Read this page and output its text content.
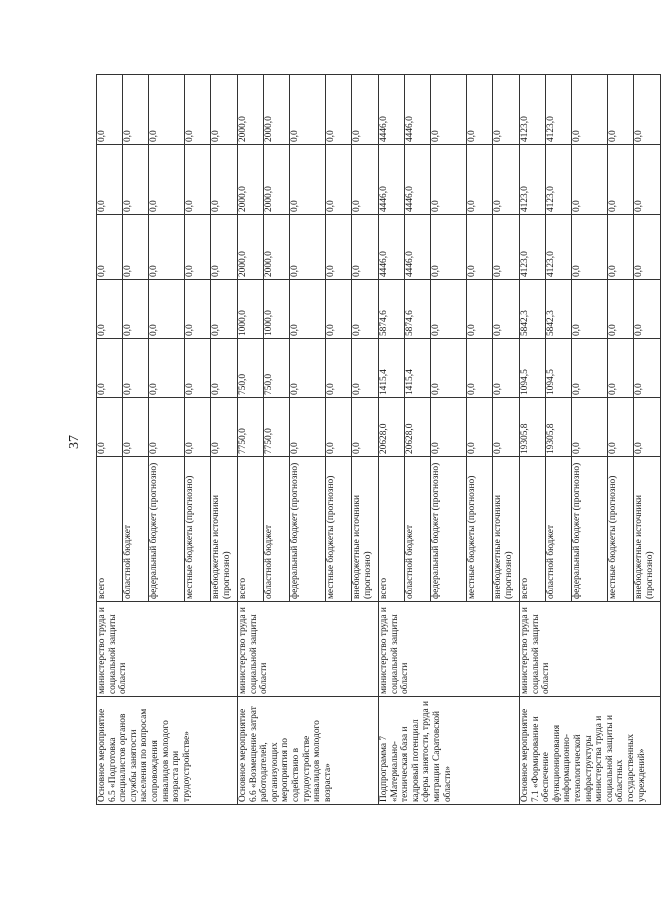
37
Основное мероприятие 6.5 «Подготовка специалистов органов службы занятости населения по вопросам сопровождения инвалидов молодого возраста при трудоустройстве»	министерство труда и социальной защиты области	всего	0,0	0,0	0,0	0,0	0,0	0,0
		областной бюджет	0,0	0,0	0,0	0,0	0,0	0,0
		федеральный бюджет (прогнозно)	0,0	0,0	0,0	0,0	0,0	0,0
		местные бюджеты (прогнозно)	0,0	0,0	0,0	0,0	0,0	0,0
		внебюджетные источники (прогнозно)	0,0	0,0	0,0	0,0	0,0	0,0
Основное мероприятие 6.6 «Возмещение затрат работодателей, организующих мероприятия по содействию в трудоустройстве инвалидов молодого возраста»	министерство труда и социальной защиты области	всего	7750,0	750,0	1000,0	2000,0	2000,0	2000,0
		областной бюджет	7750,0	750,0	1000,0	2000,0	2000,0	2000,0
		федеральный бюджет (прогнозно)	0,0	0,0	0,0	0,0	0,0	0,0
		местные бюджеты (прогнозно)	0,0	0,0	0,0	0,0	0,0	0,0
		внебюджетные источники (прогнозно)	0,0	0,0	0,0	0,0	0,0	0,0
Подпрограмма 7 «Материально-техническая база и кадровый потенциал сферы занятости, труда и миграции Саратовской области»	министерство труда и социальной защиты области	всего	20628,0	1415,4	5874,6	4446,0	4446,0	4446,0
		областной бюджет	20628,0	1415,4	5874,6	4446,0	4446,0	4446,0
		федеральный бюджет (прогнозно)	0,0	0,0	0,0	0,0	0,0	0,0
		местные бюджеты (прогнозно)	0,0	0,0	0,0	0,0	0,0	0,0
		внебюджетные источники (прогнозно)	0,0	0,0	0,0	0,0	0,0	0,0
Основное мероприятие 7.1 «Формирование и обеспечение функционирования информационно-технологической инфраструктуры министерства труда и социальной защиты и областных государственных учреждений»	министерство труда и социальной защиты области	всего	19305,8	1094,5	5842,3	4123,0	4123,0	4123,0
		областной бюджет	19305,8	1094,5	5842,3	4123,0	4123,0	4123,0
		федеральный бюджет (прогнозно)	0,0	0,0	0,0	0,0	0,0	0,0
		местные бюджеты (прогнозно)	0,0	0,0	0,0	0,0	0,0	0,0
		внебюджетные источники (прогнозно)	0,0	0,0	0,0	0,0	0,0	0,0
